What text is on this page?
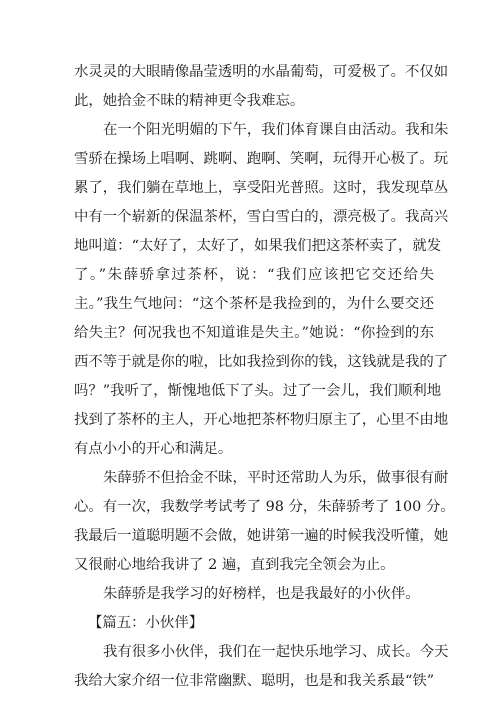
水灵灵的大眼睛像晶莹透明的水晶葡萄，可爱极了。不仅如
此，她拾金不昧的精神更令我难忘。
在一个阳光明媚的下午，我们体育课自由活动。我和朱
雪骄在操场上唱啊、跳啊、跑啊、笑啊，玩得开心极了。玩
累了，我们躺在草地上，享受阳光普照。这时，我发现草丛
中有一个崭新的保温茶杯，雪白雪白的，漂亮极了。我高兴
地叫道：“太好了，太好了，如果我们把这茶杯卖了，就发
了。”朱薛骄拿过茶杯，说：“我们应该把它交还给失
主。”我生气地问：“这个茶杯是我捡到的，为什么要交还
给失主？何况我也不知道谁是失主。”她说：“你捡到的东
西不等于就是你的啦，比如我捡到你的钱，这钱就是我的了
吗？”我听了，惭愧地低下了头。过了一会儿，我们顺利地
找到了茶杯的主人，开心地把茶杯物归原主了，心里不由地
有点小小的开心和满足。
朱薛骄不但拾金不昧，平时还常助人为乐，做事很有耐
心。有一次，我数学考试考了 98 分，朱薛骄考了 100 分。
我最后一道聪明题不会做，她讲第一遍的时候我没听懂，她
又很耐心地给我讲了 2 遍，直到我完全领会为止。
朱薛骄是我学习的好榜样，也是我最好的小伙伴。
【篇五：小伙伴】
我有很多小伙伴，我们在一起快乐地学习、成长。今天
我给大家介绍一位非常幽默、聪明，也是和我关系最“铁”
